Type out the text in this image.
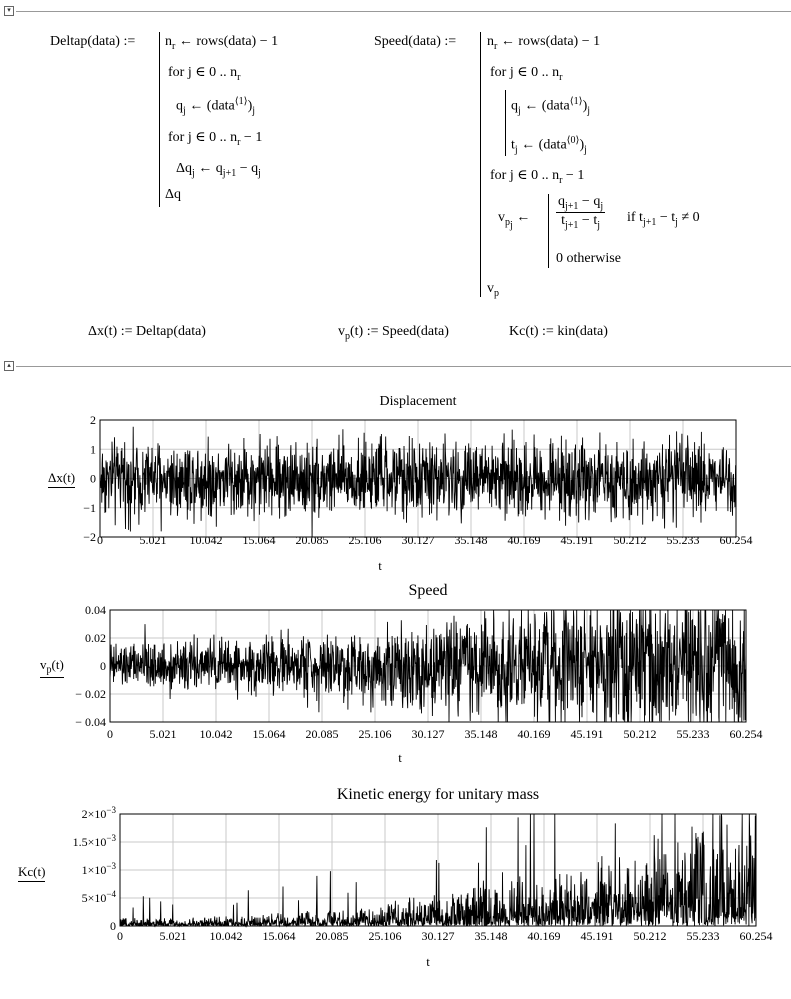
▾
▴
Deltap(data) := $n_r$ ← rows(data) − 1
for j ∈ 0 .. $n_r$
$q_j$ ← $(data^{⟨1⟩})_j$
for j ∈ 0 .. $n_r - 1$
$\Delta q_j$ ← $q_{j+1} - q_j$
Δq
Speed(data) := $n_r$ ← rows(data) − 1
for j ∈ 0 .. $n_r$
$q_j$ ← $(data^{⟨1⟩})_j$
$t_j$ ← $(data^{⟨0⟩})_j$
for j ∈ 0 .. $n_r - 1$
$v_{p_j}$ ← $\frac{q_{j+1} - q_j}{t_{j+1} - t_j}$ if $t_{j+1} - t_j \ne 0$
0 otherwise
$v_p$
Δx(t) := Deltap(data)	$v_p(t)$ := Speed(data)	Kc(t) := kin(data)
Displacement
Δx(t)
0	5.021 10.042 15.064 20.085 25.106 30.127 35.148 40.169 45.191 50.212 55.233 60.254
t
2
1
0
−1
−2
Speed
$v_p(t)$
0	5.021 10.042 15.064 20.085 25.106 30.127 35.148 40.169 45.191 50.212 55.233 60.254
t
0.04
0.02
0
− 0.02
− 0.04
Kinetic energy for unitary mass
Kc(t)
0	5.021 10.042 15.064 20.085 25.106 30.127 35.148 40.169 45.191 50.212 55.233 60.254
t
$2\times 10^{-3}$
$1.5\times 10^{-3}$
$1\times 10^{-3}$
$5\times 10^{-4}$
0
